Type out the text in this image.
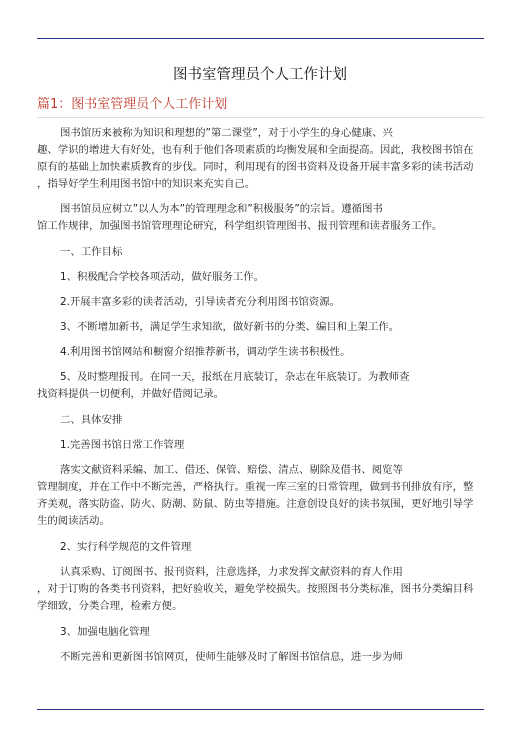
图书室管理员个人工作计划
篇1：图书室管理员个人工作计划
图书馆历来被称为知识和理想的”第二课堂”，对于小学生的身心健康、兴
趣、学识的增进大有好处，也有利于他们各项素质的均衡发展和全面提高。因此，我校图书馆在
原有的基础上加快素质教育的步伐。同时，利用现有的图书资料及设备开展丰富多彩的读书活动
，指导好学生利用图书馆中的知识来充实自己。
图书馆员应树立”以人为本”的管理理念和”积极服务”的宗旨。遵循图书
馆工作规律，加强图书馆管理理论研究，科学组织管理图书、报刊管理和读者服务工作。
一、工作目标
1、积极配合学校各项活动，做好服务工作。
2.开展丰富多彩的读者活动，引导读者充分利用图书馆资源。
3、不断增加新书，满足学生求知欲，做好新书的分类、编目和上架工作。
4.利用图书馆网站和橱窗介绍推荐新书，调动学生读书积极性。
5、及时整理报刊。在同一天，报纸在月底装订，杂志在年底装订。为教师查
找资料提供一切便利，并做好借阅记录。
二、具体安排
1.完善图书馆日常工作管理
落实文献资料采编、加工、借还、保管、赔偿、清点、剔除及借书、阅览等
管理制度，并在工作中不断完善，严格执行。重视一库三室的日常管理，做到书刊排放有序，整
齐美观，落实防盗、防火、防潮、防鼠、防虫等措施。注意创设良好的读书氛围，更好地引导学
生的阅读活动。
2、实行科学规范的文件管理
认真采购、订阅图书、报刊资料，注意选择，力求发挥文献资料的育人作用
，对于订购的各类书刊资料，把好验收关，避免学校损失。按照图书分类标准，图书分类编目科
学细致，分类合理，检索方便。
3、加强电脑化管理
不断完善和更新图书馆网页，使师生能够及时了解图书馆信息，进一步为师
